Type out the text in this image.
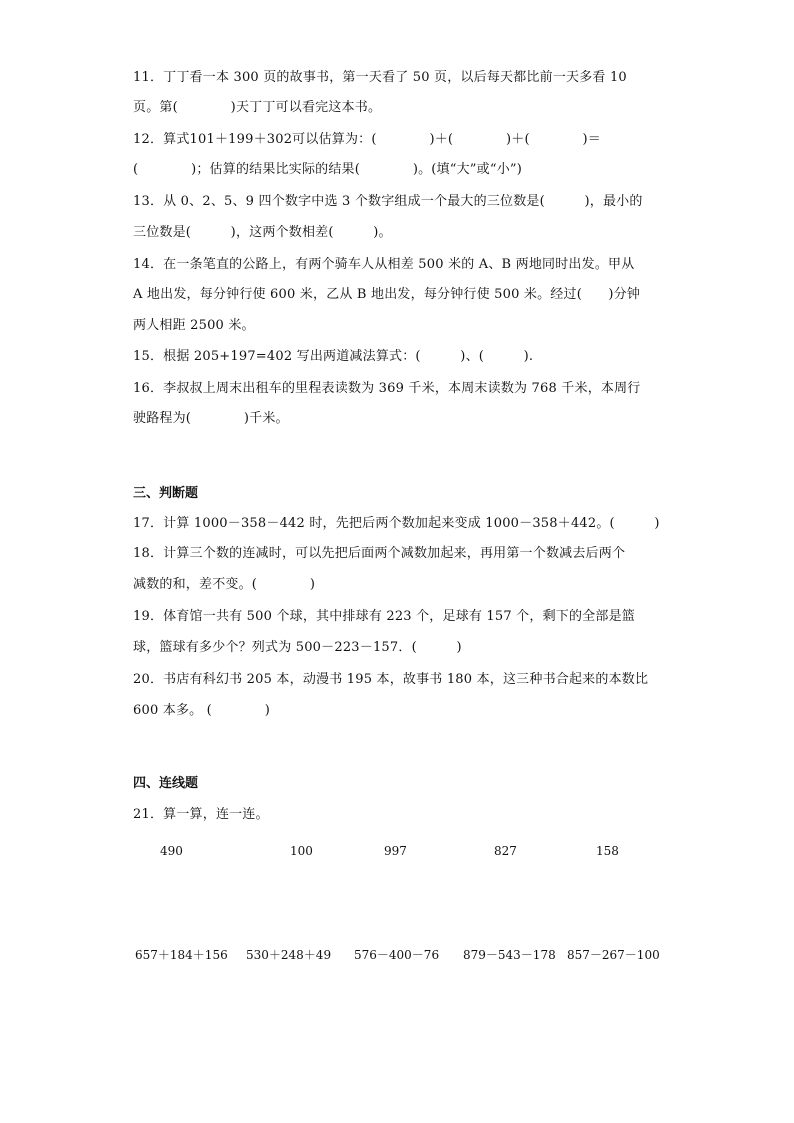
11．丁丁看一本 300 页的故事书，第一天看了 50 页，以后每天都比前一天多看 10
页。第(　　　　)天丁丁可以看完这本书。
12．算式101＋199＋302可以估算为：(　　　　)＋(　　　　)＋(　　　　)＝
(　　　　)；估算的结果比实际的结果(　　　　)。(填“大”或“小”)
13．从 0、2、5、9 四个数字中选 3 个数字组成一个最大的三位数是(　　　)，最小的
三位数是(　　　)，这两个数相差(　　　)。
14．在一条笔直的公路上，有两个骑车人从相差 500 米的 A、B 两地同时出发。甲从
A 地出发，每分钟行使 600 米，乙从 B 地出发，每分钟行使 500 米。经过(　　)分钟
两人相距 2500 米。
15．根据 205+197=402 写出两道减法算式：(　　　)、(　　　).
16．李叔叔上周末出租车的里程表读数为 369 千米，本周末读数为 768 千米，本周行
驶路程为(　　　　)千米。
三、判断题
17．计算 1000－358－442 时，先把后两个数加起来变成 1000－358＋442。(　　　)
18．计算三个数的连减时，可以先把后面两个减数加起来，再用第一个数减去后两个
减数的和，差不变。(　　　　)
19．体育馆一共有 500 个球，其中排球有 223 个，足球有 157 个，剩下的全部是篮
球，篮球有多少个？列式为 500－223－157．(　　　)
20．书店有科幻书 205 本，动漫书 195 本，故事书 180 本，这三种书合起来的本数比
600 本多。 (　　　　)
四、连线题
21．算一算，连一连。
490	100	997	827	158
657＋184＋156 530＋248＋49 576－400－76 879－543－178 857－267－100
